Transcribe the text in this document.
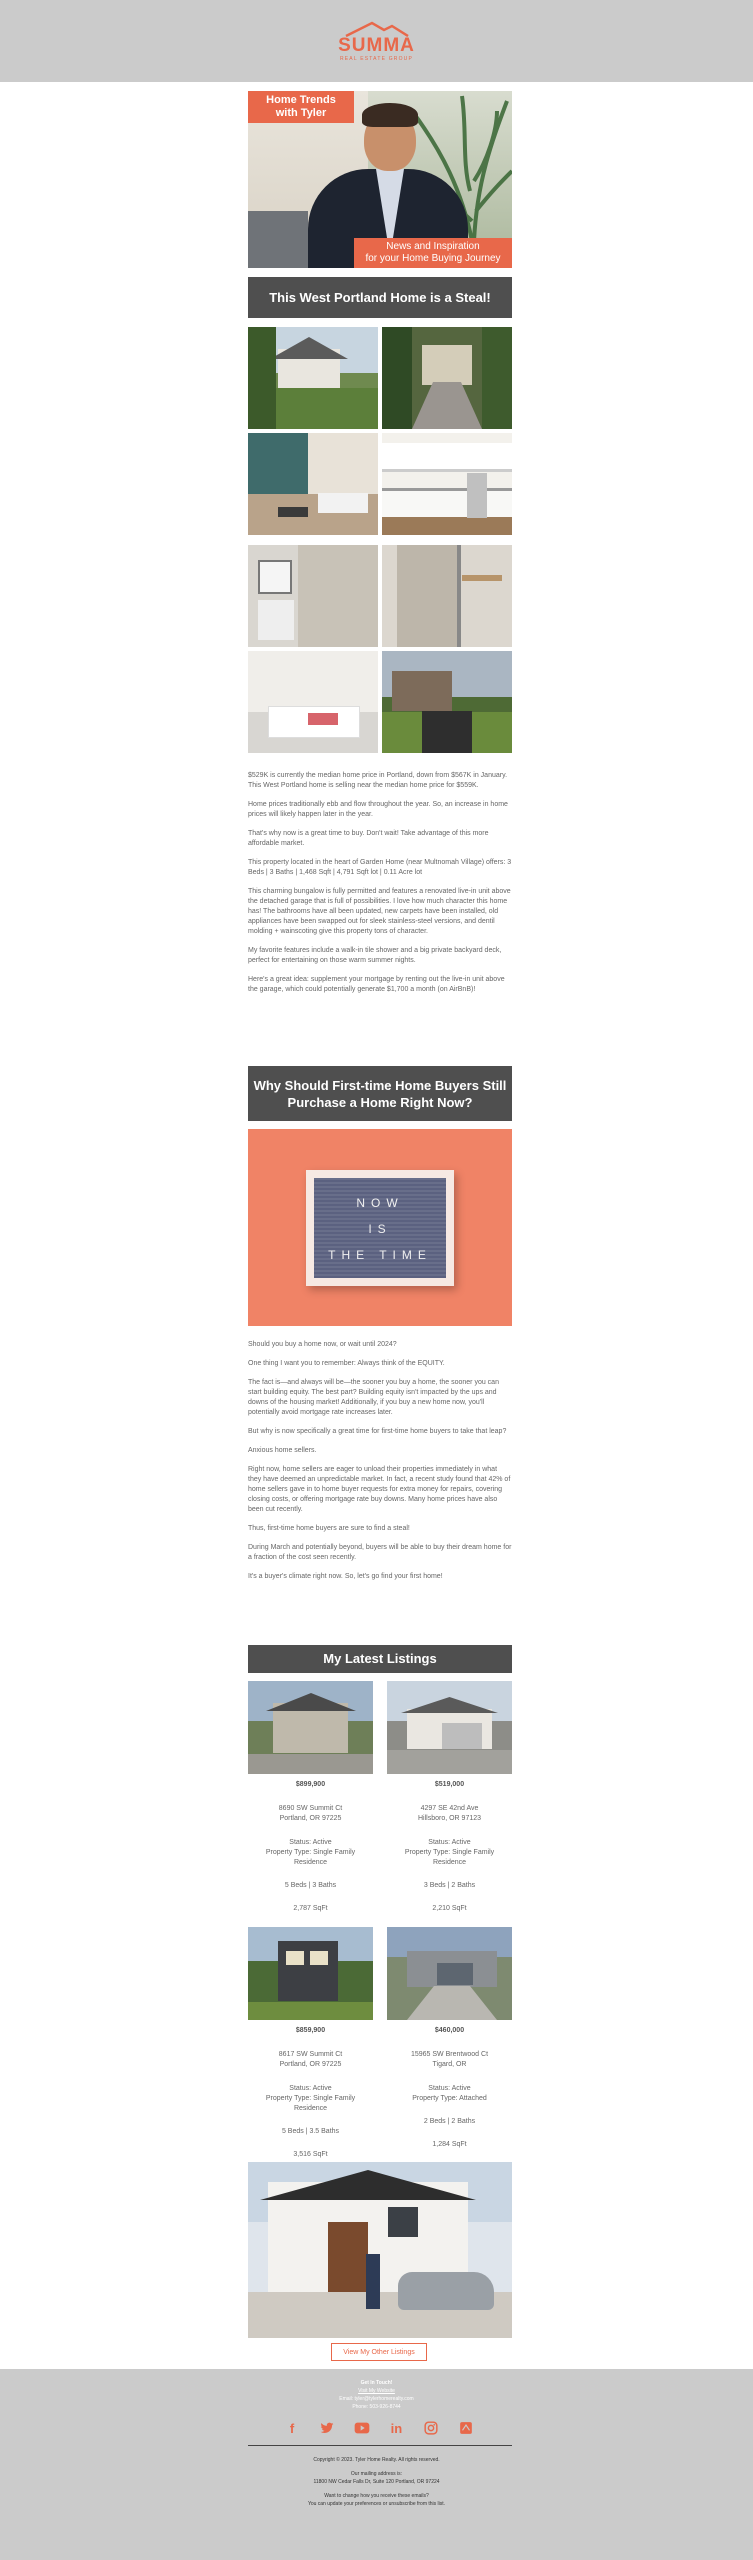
SUMMA
REAL ESTATE GROUP
Home Trends
with Tyler
News and Inspiration
for your Home Buying Journey
This West Portland Home is a Steal!

$529K is currently the median home price in Portland, down from $567K in January. This West Portland home is selling near the median home price for $559K.

Home prices traditionally ebb and flow throughout the year. So, an increase in home prices will likely happen later in the year.

That's why now is a great time to buy. Don't wait! Take advantage of this more affordable market.

This property located in the heart of Garden Home (near Multnomah Village) offers: 3 Beds | 3 Baths | 1,468 Sqft | 4,791 Sqft lot | 0.11 Acre lot

This charming bungalow is fully permitted and features a renovated live-in unit above the detached garage that is full of possibilities. I love how much character this home has! The bathrooms have all been updated, new carpets have been installed, old appliances have been swapped out for sleek stainless-steel versions, and dentil molding + wainscoting give this property tons of character.

My favorite features include a walk-in tile shower and a big private backyard deck, perfect for entertaining on those warm summer nights.

Here's a great idea: supplement your mortgage by renting out the live-in unit above the garage, which could potentially generate $1,700 a month (on AirBnB)!

Why Should First-time Home Buyers Still
Purchase a Home Right Now?
NOW
IS
THE TIME

Should you buy a home now, or wait until 2024?

One thing I want you to remember: Always think of the EQUITY.

The fact is—and always will be—the sooner you buy a home, the sooner you can start building equity. The best part? Building equity isn't impacted by the ups and downs of the housing market! Additionally, if you buy a new home now, you'll potentially avoid mortgage rate increases later.

But why is now specifically a great time for first-time home buyers to take that leap?

Anxious home sellers.

Right now, home sellers are eager to unload their properties immediately in what they have deemed an unpredictable market. In fact, a recent study found that 42% of home sellers gave in to home buyer requests for extra money for repairs, covering closing costs, or offering mortgage rate buy downs. Many home prices have also been cut recently.

Thus, first-time home buyers are sure to find a steal!

During March and potentially beyond, buyers will be able to buy their dream home for a fraction of the cost seen recently.

It's a buyer's climate right now. So, let's go find your first home!

My Latest Listings
$899,900
8690 SW Summit Ct
Portland, OR 97225
Status: Active
Property Type: Single Family
Residence
5 Beds | 3 Baths
2,787 SqFt
$519,000
4297 SE 42nd Ave
Hillsboro, OR 97123
Status: Active
Property Type: Single Family
Residence
3 Beds | 2 Baths
2,210 SqFt
$859,900
8617 SW Summit Ct
Portland, OR 97225
Status: Active
Property Type: Single Family
Residence
5 Beds | 3.5 Baths
3,516 SqFt
$460,000
15965 SW Brentwood Ct
Tigard, OR
Status: Active
Property Type: Attached
2 Beds | 2 Baths
1,284 SqFt
View My Other Listings
Get In Touch!
Visit My Website
Email: tyler@tylerhomerealty.com
Phone: 503-926-8744
f	in

Copyright © 2023. Tyler Home Realty. All rights reserved.

Our mailing address is:

11800 NW Cedar Falls Dr, Suite 120 Portland, OR 97224

Want to change how you receive these emails?
You can update your preferences or unsubscribe from this list.
